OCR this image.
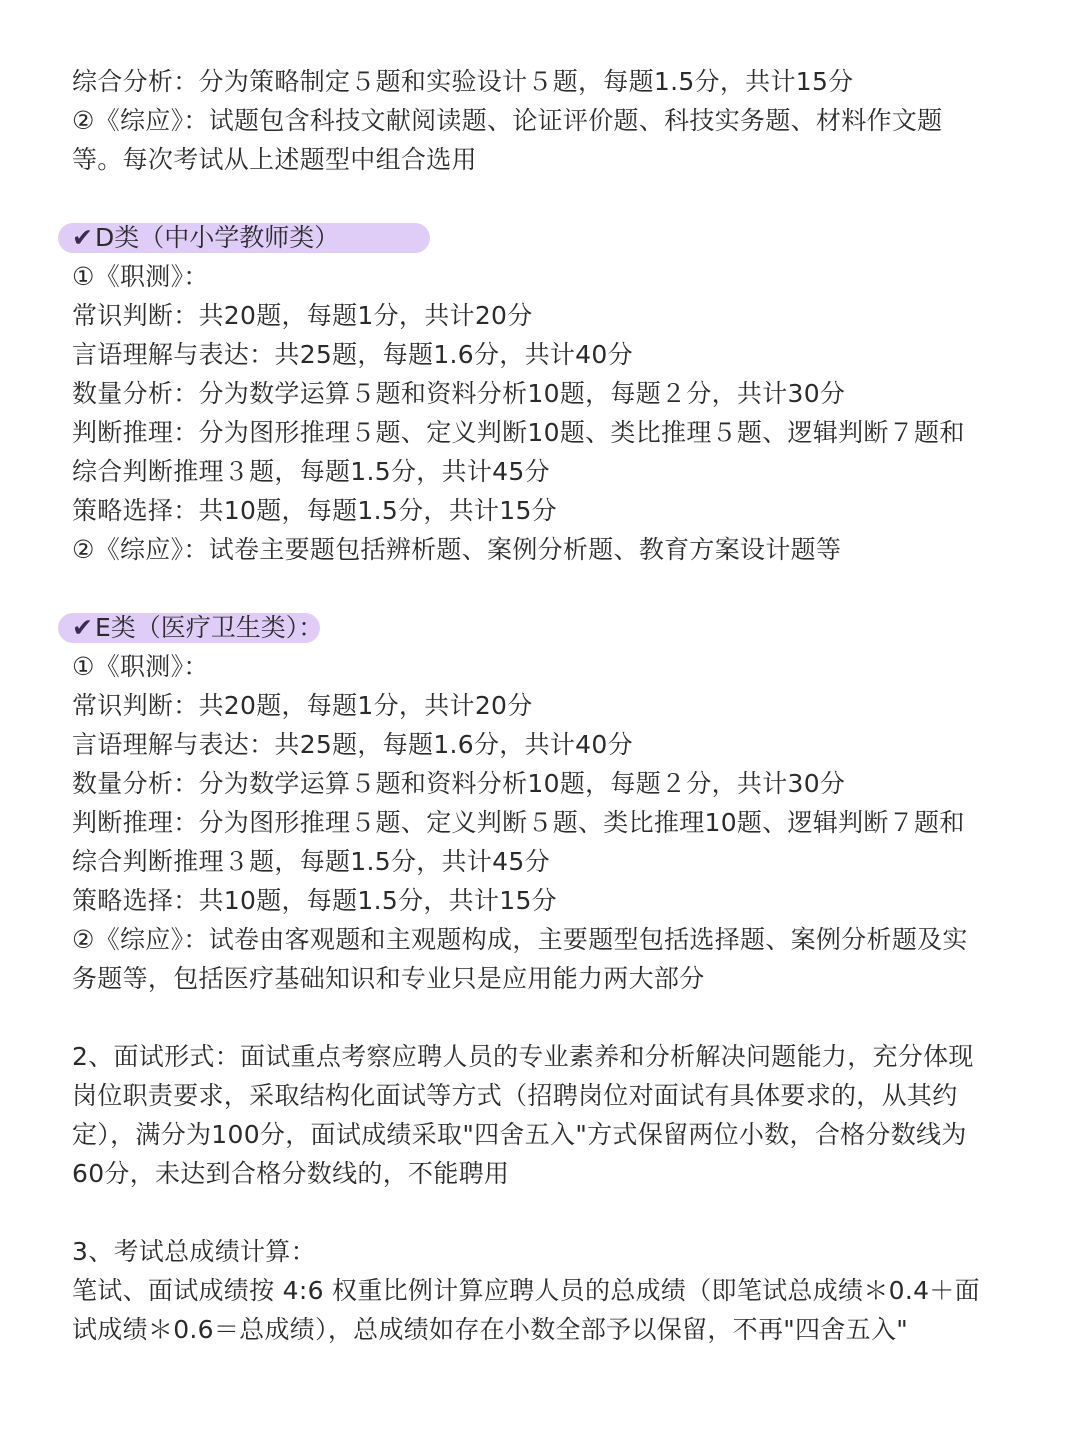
综合分析：分为策略制定５题和实验设计５题，每题1.5分，共计15分
②《综应》：试题包含科技文献阅读题、论证评价题、科技实务题、材料作文题
等。每次考试从上述题型中组合选用
✔D类（中小学教师类）
①《职测》：
常识判断：共20题，每题1分，共计20分
言语理解与表达：共25题，每题1.6分，共计40分
数量分析：分为数学运算５题和资料分析10题，每题２分，共计30分
判断推理：分为图形推理５题、定义判断10题、类比推理５题、逻辑判断７题和
综合判断推理３题，每题1.5分，共计45分
策略选择：共10题，每题1.5分，共计15分
②《综应》：试卷主要题包括辨析题、案例分析题、教育方案设计题等
✔E类（医疗卫生类）：
①《职测》：
常识判断：共20题，每题1分，共计20分
言语理解与表达：共25题，每题1.6分，共计40分
数量分析：分为数学运算５题和资料分析10题，每题２分，共计30分
判断推理：分为图形推理５题、定义判断５题、类比推理10题、逻辑判断７题和
综合判断推理３题，每题1.5分，共计45分
策略选择：共10题，每题1.5分，共计15分
②《综应》：试卷由客观题和主观题构成，主要题型包括选择题、案例分析题及实
务题等，包括医疗基础知识和专业只是应用能力两大部分
2、面试形式：面试重点考察应聘人员的专业素养和分析解决问题能力，充分体现
岗位职责要求，采取结构化面试等方式（招聘岗位对面试有具体要求的，从其约
定），满分为100分，面试成绩采取"四舍五入"方式保留两位小数，合格分数线为
60分，未达到合格分数线的，不能聘用
3、考试总成绩计算：
笔试、面试成绩按 4:6 权重比例计算应聘人员的总成绩（即笔试总成绩＊0.4＋面
试成绩＊0.6＝总成绩），总成绩如存在小数全部予以保留，不再"四舍五入"
